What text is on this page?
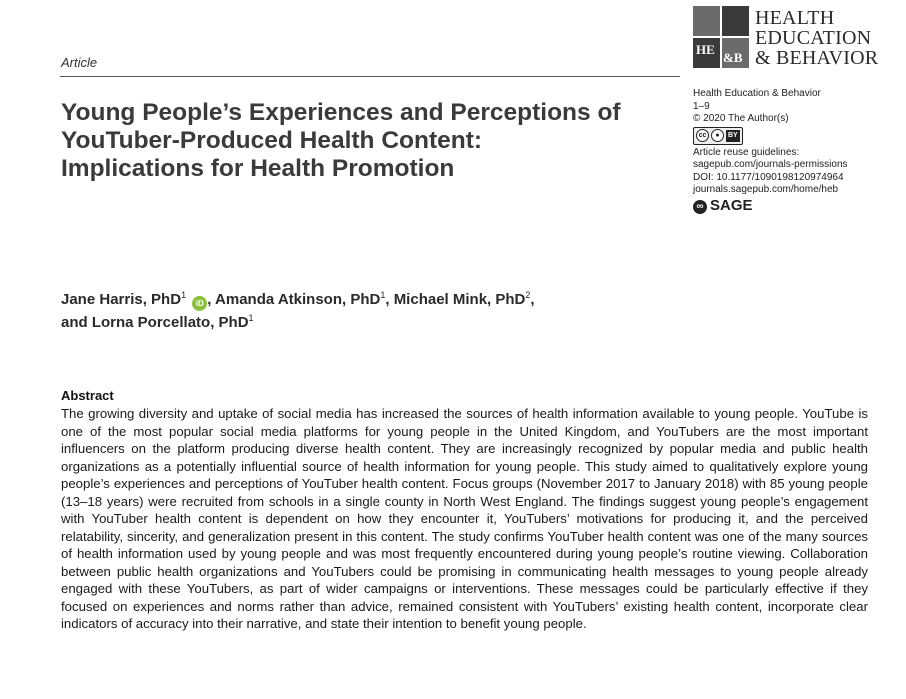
HE
&B
HEALTH
EDUCATION
& BEHAVIOR
Article
Young People’s Experiences and Perceptions of YouTuber-Produced Health Content: Implications for Health Promotion
Health Education & Behavior
1–9
© 2020 The Author(s)
cc	●	BY
Article reuse guidelines:
sagepub.com/journals-permissions
DOI: 10.1177/1090198120974964
journals.sagepub.com/home/heb
∞ SAGE

Jane Harris, PhD$^1$ iD , Amanda Atkinson, PhD$^1$, Michael Mink, PhD$^2$,
and Lorna Porcellato, PhD$^1$

Abstract

The growing diversity and uptake of social media has increased the sources of health information available to young people. YouTube is one of the most popular social media platforms for young people in the United Kingdom, and YouTubers are the most important influencers on the platform producing diverse health content. They are increasingly recognized by popular media and public health organizations as a potentially influential source of health information for young people. This study aimed to qualitatively explore young people’s experiences and perceptions of YouTuber health content. Focus groups (November 2017 to January 2018) with 85 young people (13–18 years) were recruited from schools in a single county in North West England. The findings suggest young people’s engagement with YouTuber health content is dependent on how they encounter it, YouTubers’ motivations for producing it, and the perceived relatability, sincerity, and generalization present in this content. The study confirms YouTuber health content was one of the many sources of health information used by young people and was most frequently encountered during young people’s routine viewing. Collaboration between public health organizations and YouTubers could be promising in communicating health messages to young people already engaged with these YouTubers, as part of wider campaigns or interventions. These messages could be particularly effective if they focused on experiences and norms rather than advice, remained consistent with YouTubers’ existing health content, incorporate clear indicators of accuracy into their narrative, and state their intention to benefit young people.
